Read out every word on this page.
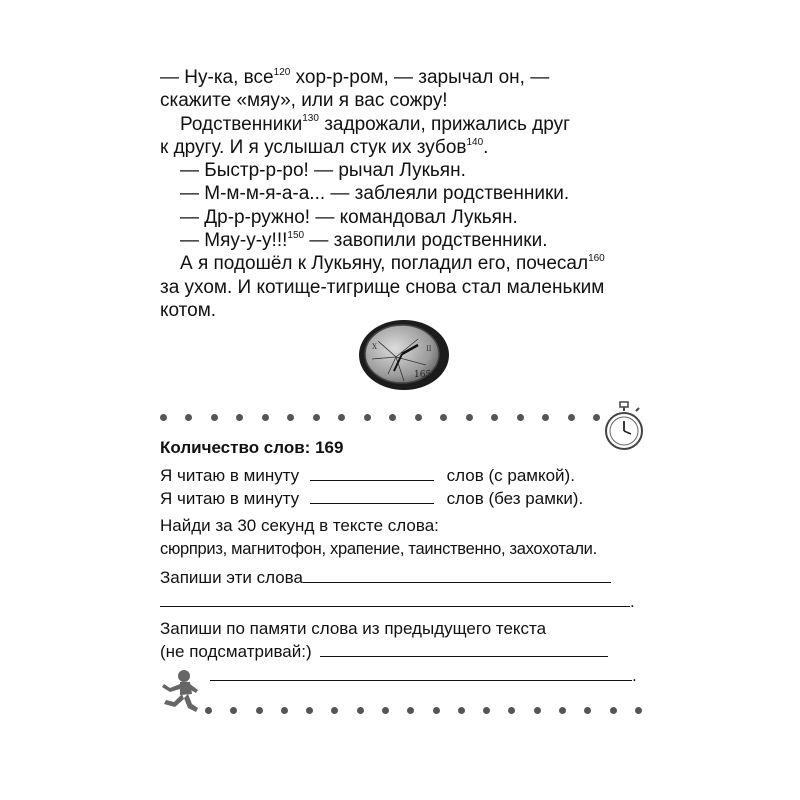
— Ну-ка, все$^{120}$ хор-р-ром, — зарычал он, —

скажите «мяу», или я вас сожру!

Родственники$^{130}$ задрожали, прижались друг

к другу. И я услышал стук их зубов$^{140}$.

— Быстр-р-ро! — рычал Лукьян.

— М-м-м-я-а-а... — заблеяли родственники.

— Др-р-ружно! — командовал Лукьян.

— Мяу-у-у!!!$^{150}$ — завопили родственники.

А я подошёл к Лукьяну, погладил его, почесал$^{160}$

за ухом. И котище-тигрище снова стал маленьким

котом.

165
X	II
Количество слов: 169
Я читаю в минуту	слов (с рамкой).
Я читаю в минуту	слов (без рамки).
Найди за 30 секунд в тексте слова:
сюрприз, магнитофон, храпение, таинственно, захохотали.
Запиши эти слова
.
Запиши по памяти слова из предыдущего текста
(не подсматривай:)
.
